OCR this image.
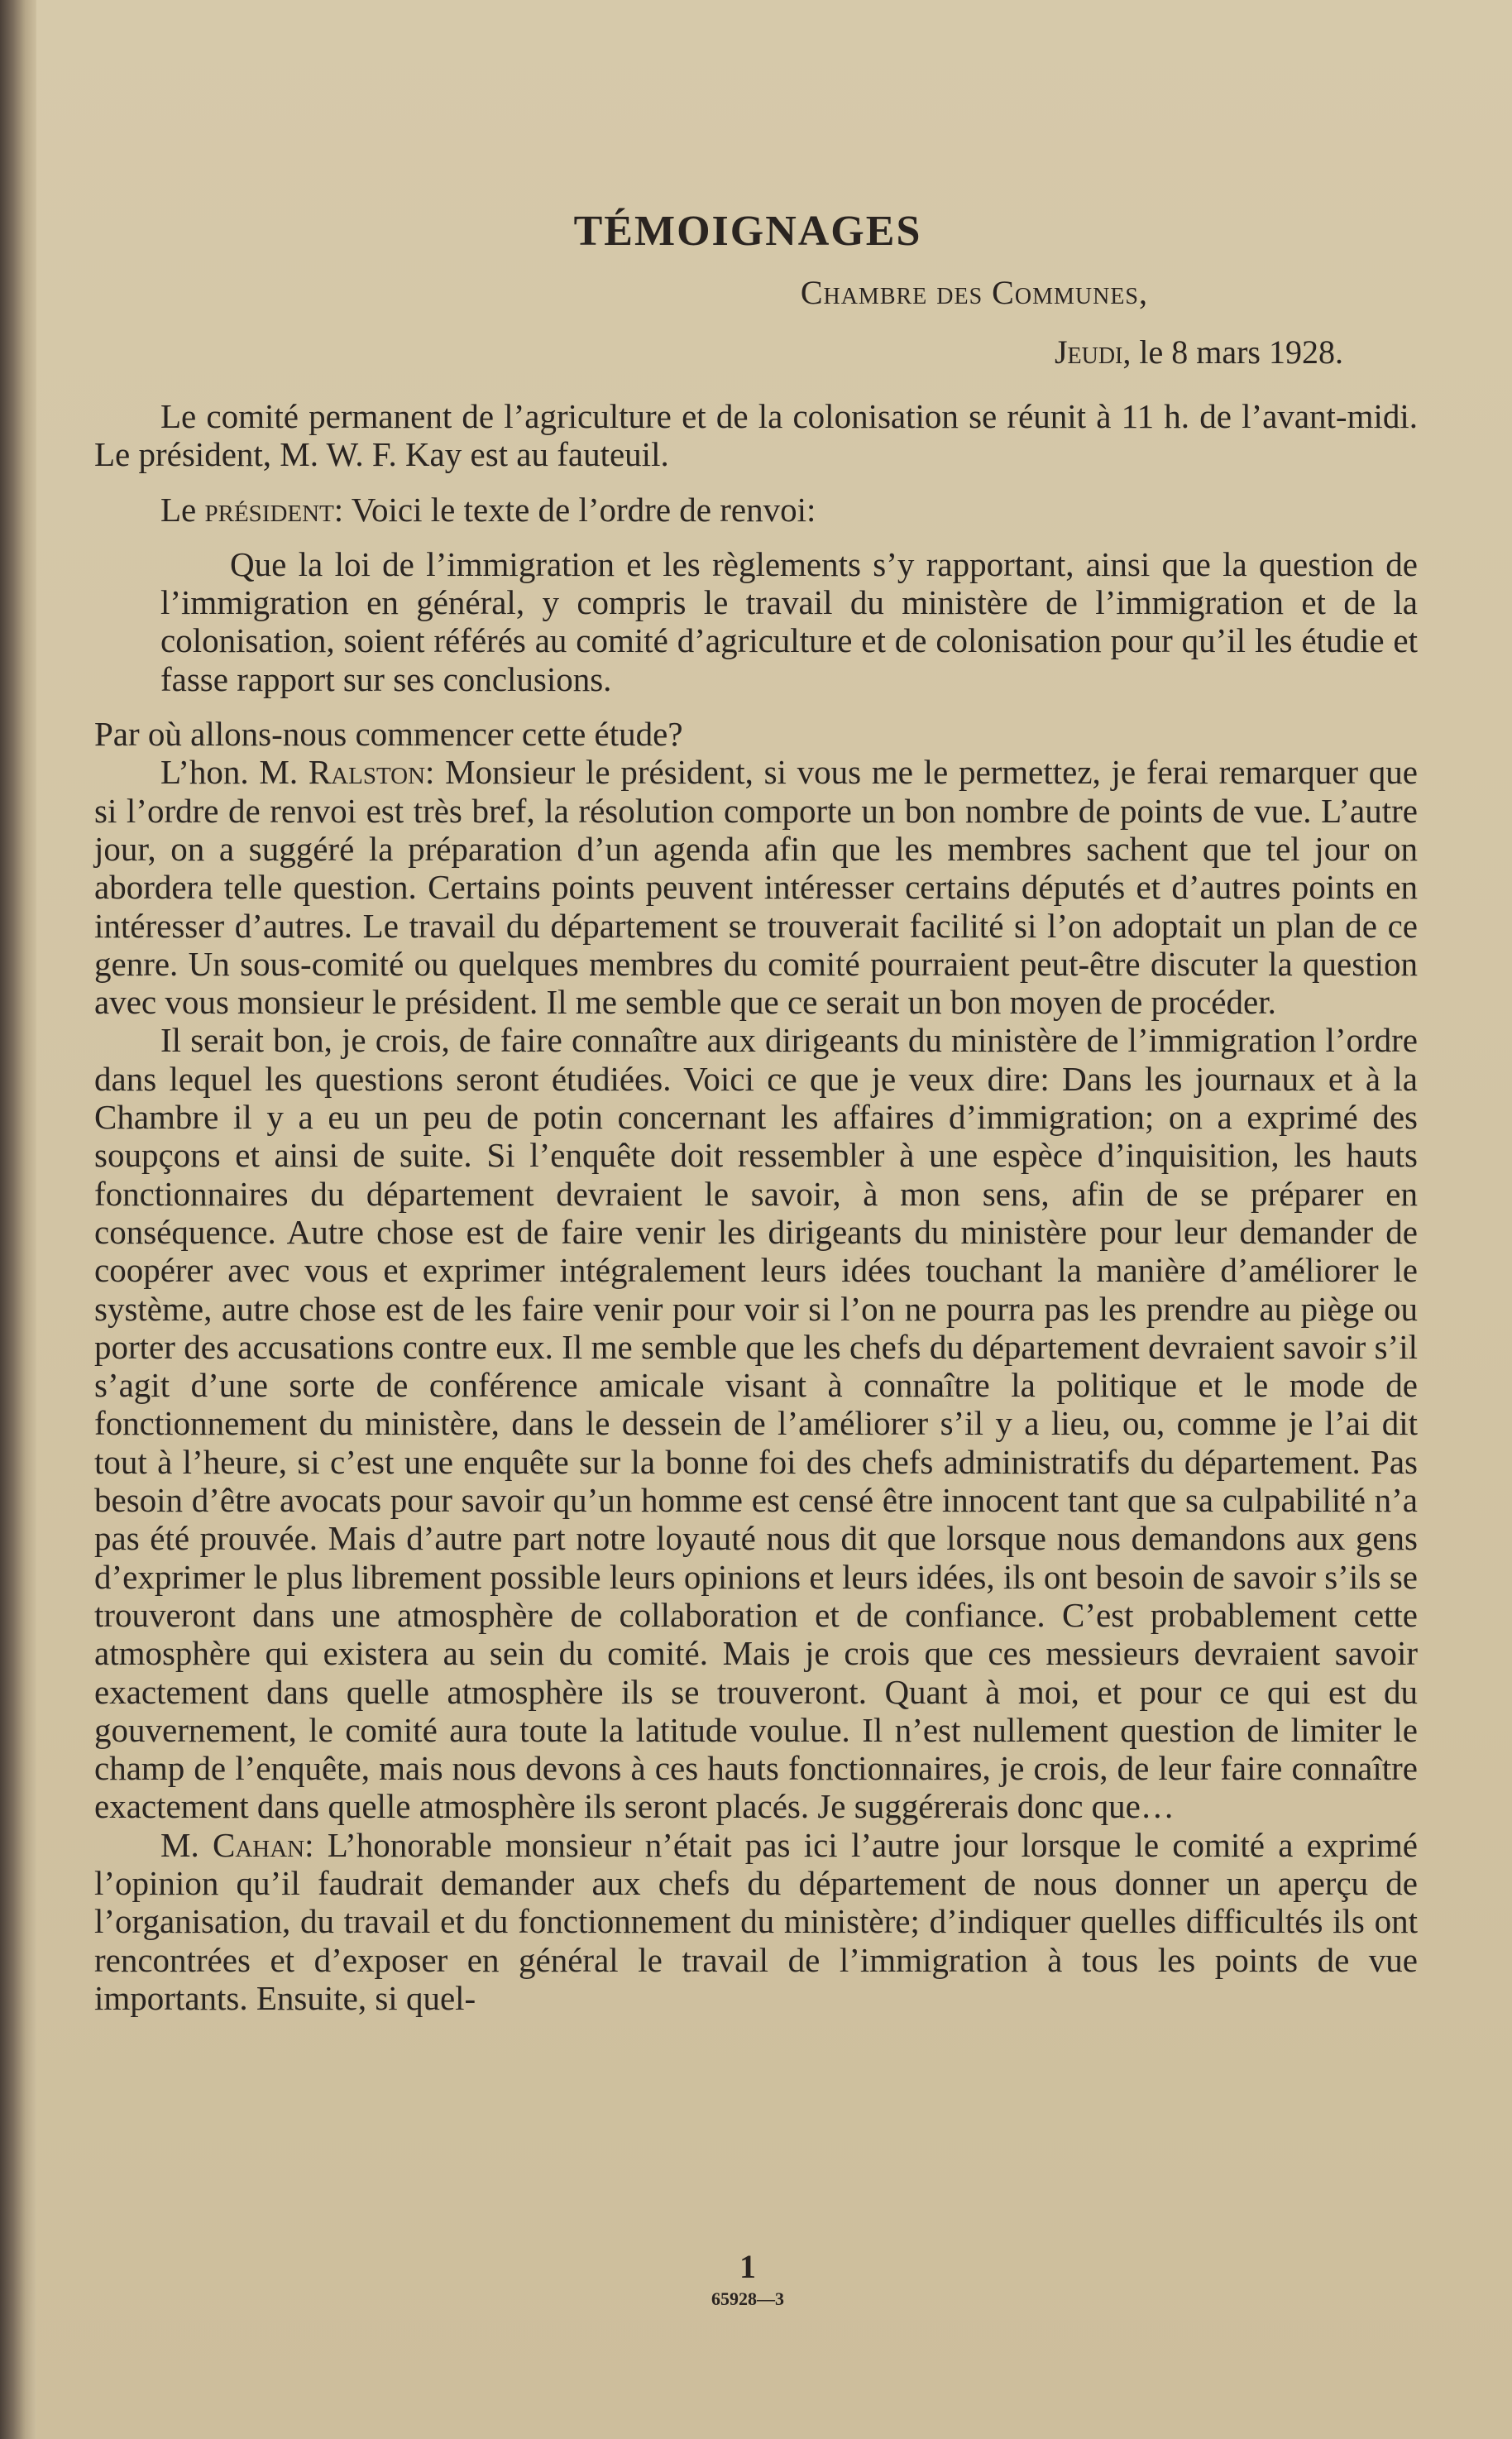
TÉMOIGNAGES
Chambre des Communes,
Jeudi, le 8 mars 1928.

Le comité permanent de l’agriculture et de la colonisation se réunit à 11 h. de l’avant-midi. Le président, M. W. F. Kay est au fauteuil.

Le président: Voici le texte de l’ordre de renvoi:

Que la loi de l’immigration et les règlements s’y rapportant, ainsi que la question de l’immigration en général, y compris le travail du ministère de l’immigration et de la colonisation, soient référés au comité d’agriculture et de colonisation pour qu’il les étudie et fasse rapport sur ses conclusions.

Par où allons-nous commencer cette étude?

L’hon. M. Ralston: Monsieur le président, si vous me le permettez, je ferai remarquer que si l’ordre de renvoi est très bref, la résolution comporte un bon nombre de points de vue. L’autre jour, on a suggéré la préparation d’un agenda afin que les membres sachent que tel jour on abordera telle question. Certains points peuvent intéresser certains députés et d’autres points en intéresser d’autres. Le travail du département se trouverait facilité si l’on adoptait un plan de ce genre. Un sous-comité ou quelques membres du comité pourraient peut-être discuter la question avec vous monsieur le président. Il me semble que ce serait un bon moyen de procéder.

Il serait bon, je crois, de faire connaître aux dirigeants du ministère de l’immigration l’ordre dans lequel les questions seront étudiées. Voici ce que je veux dire: Dans les journaux et à la Chambre il y a eu un peu de potin concernant les affaires d’immigration; on a exprimé des soupçons et ainsi de suite. Si l’enquête doit ressembler à une espèce d’inquisition, les hauts fonctionnaires du département devraient le savoir, à mon sens, afin de se préparer en conséquence. Autre chose est de faire venir les dirigeants du ministère pour leur demander de coopérer avec vous et exprimer intégralement leurs idées touchant la manière d’améliorer le système, autre chose est de les faire venir pour voir si l’on ne pourra pas les prendre au piège ou porter des accusations contre eux. Il me semble que les chefs du département devraient savoir s’il s’agit d’une sorte de conférence amicale visant à connaître la politique et le mode de fonctionnement du ministère, dans le dessein de l’améliorer s’il y a lieu, ou, comme je l’ai dit tout à l’heure, si c’est une enquête sur la bonne foi des chefs administratifs du département. Pas besoin d’être avocats pour savoir qu’un homme est censé être innocent tant que sa culpabilité n’a pas été prouvée. Mais d’autre part notre loyauté nous dit que lorsque nous demandons aux gens d’exprimer le plus librement possible leurs opinions et leurs idées, ils ont besoin de savoir s’ils se trouveront dans une atmosphère de collaboration et de confiance. C’est probablement cette atmosphère qui existera au sein du comité. Mais je crois que ces messieurs devraient savoir exactement dans quelle atmosphère ils se trouveront. Quant à moi, et pour ce qui est du gouvernement, le comité aura toute la latitude voulue. Il n’est nullement question de limiter le champ de l’enquête, mais nous devons à ces hauts fonctionnaires, je crois, de leur faire connaître exactement dans quelle atmosphère ils seront placés. Je suggérerais donc que…

M. Cahan: L’honorable monsieur n’était pas ici l’autre jour lorsque le comité a exprimé l’opinion qu’il faudrait demander aux chefs du département de nous donner un aperçu de l’organisation, du travail et du fonctionnement du ministère; d’indiquer quelles difficultés ils ont rencontrées et d’exposer en général le travail de l’immigration à tous les points de vue importants. Ensuite, si quel-

1
65928—3
